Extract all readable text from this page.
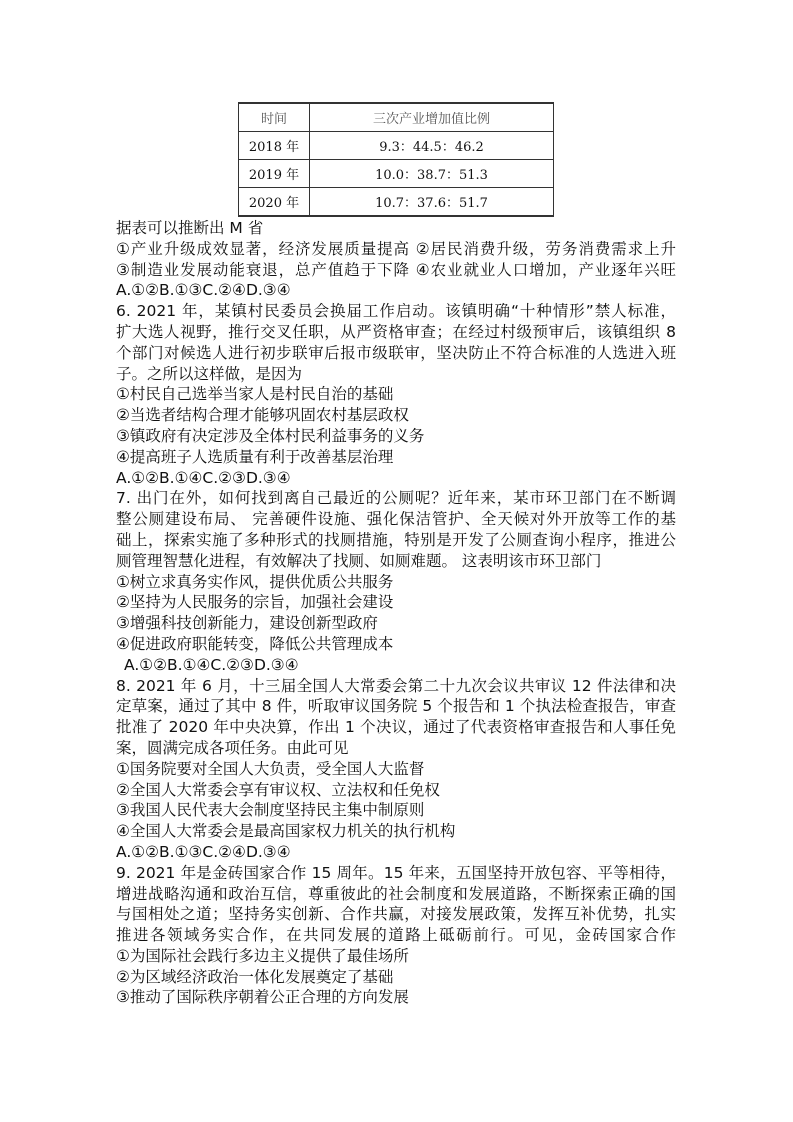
时间	三次产业增加值比例
2018 年	9.3：44.5：46.2
2019 年	10.0：38.7：51.3
2020 年	10.7：37.6：51.7
据表可以推断出 M 省
①产业升级成效显著，经济发展质量提高 ②居民消费升级，劳务消费需求上升
③制造业发展动能衰退，总产值趋于下降 ④农业就业人口增加，产业逐年兴旺
A.①②B.①③C.②④D.③④
6. 2021 年，某镇村民委员会换届工作启动。该镇明确“十种情形”禁人标准，
扩大选人视野，推行交叉任职，从严资格审查；在经过村级预审后，该镇组织 8
个部门对候选人进行初步联审后报市级联审，坚决防止不符合标准的人选进入班
子。之所以这样做，是因为
①村民自己选举当家人是村民自治的基础
②当选者结构合理才能够巩固农村基层政权
③镇政府有决定涉及全体村民利益事务的义务
④提高班子人选质量有利于改善基层治理
A.①②B.①④C.②③D.③④
7. 出门在外，如何找到离自己最近的公厕呢？近年来，某市环卫部门在不断调
整公厕建设布局、 完善硬件设施、强化保洁管护、全天候对外开放等工作的基
础上，探索实施了多种形式的找厕措施，特别是开发了公厕查询小程序，推进公
厕管理智慧化进程，有效解决了找厕、如厕难题。 这表明该市环卫部门
①树立求真务实作风，提供优质公共服务
②坚持为人民服务的宗旨，加强社会建设
③增强科技创新能力，建设创新型政府
④促进政府职能转变，降低公共管理成本
A.①②B.①④C.②③D.③④
8. 2021 年 6 月，十三届全国人大常委会第二十九次会议共审议 12 件法律和决
定草案，通过了其中 8 件，听取审议国务院 5 个报告和 1 个执法检查报告，审查
批准了 2020 年中央决算，作出 1 个决议，通过了代表资格审查报告和人事任免
案，圆满完成各项任务。由此可见
①国务院要对全国人大负责，受全国人大监督
②全国人大常委会享有审议权、立法权和任免权
③我国人民代表大会制度坚持民主集中制原则
④全国人大常委会是最高国家权力机关的执行机构
A.①②B.①③C.②④D.③④
9. 2021 年是金砖国家合作 15 周年。15 年来，五国坚持开放包容、平等相待，
增进战略沟通和政治互信，尊重彼此的社会制度和发展道路，不断探索正确的国
与国相处之道；坚持务实创新、合作共赢，对接发展政策，发挥互补优势，扎实
推进各领域务实合作，在共同发展的道路上砥砺前行。可见，金砖国家合作
①为国际社会践行多边主义提供了最佳场所
②为区域经济政治一体化发展奠定了基础
③推动了国际秩序朝着公正合理的方向发展
